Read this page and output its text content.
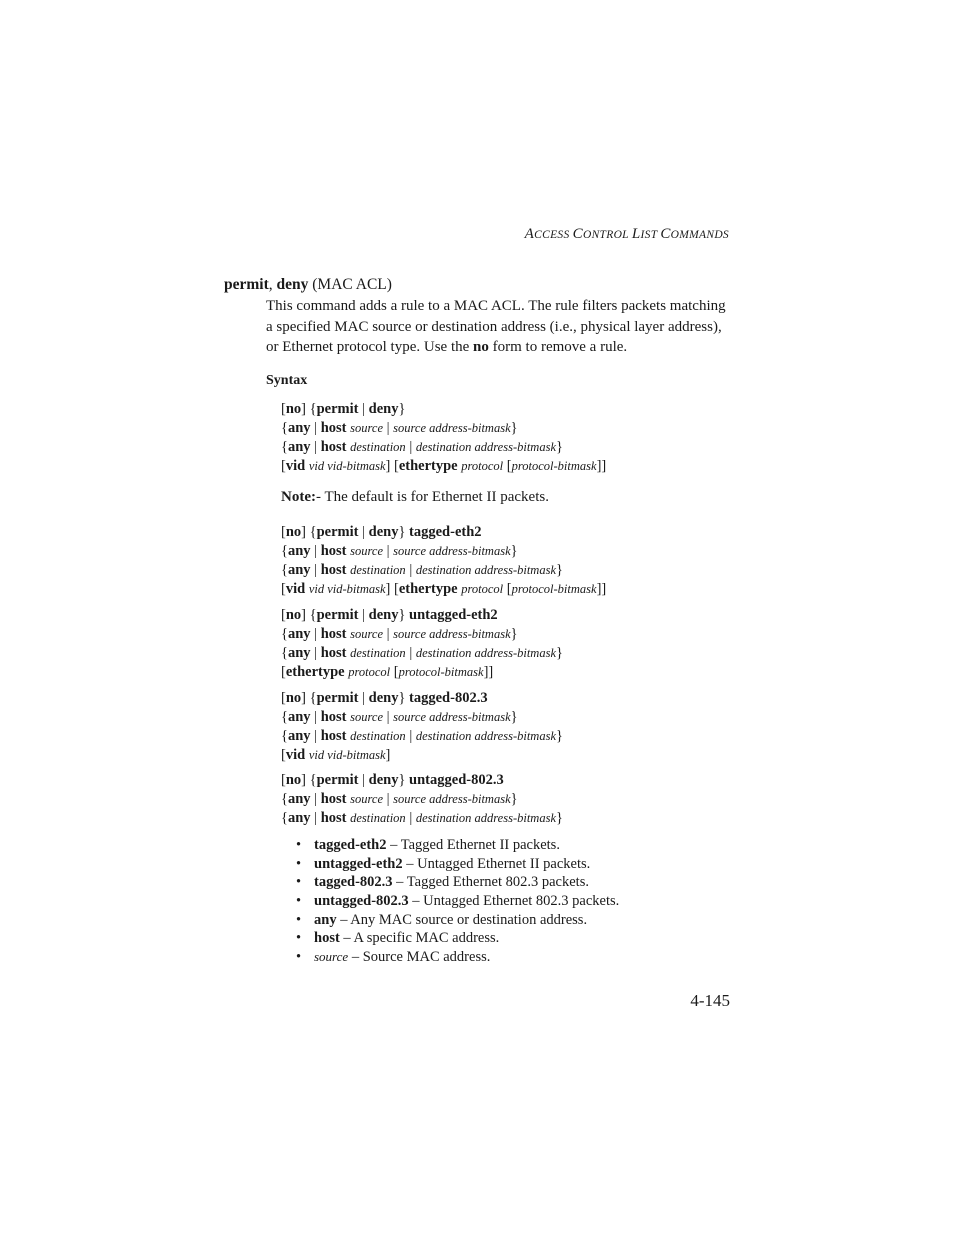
ACCESS CONTROL LIST COMMANDS
permit, deny (MAC ACL)
This command adds a rule to a MAC ACL. The rule filters packets matching a specified MAC source or destination address (i.e., physical layer address), or Ethernet protocol type. Use the no form to remove a rule.
Syntax
[no] {permit | deny}
{any | host source | source address-bitmask}
{any | host destination | destination address-bitmask}
[vid vid vid-bitmask] [ethertype protocol [protocol-bitmask]]
Note:- The default is for Ethernet II packets.
[no] {permit | deny} tagged-eth2
{any | host source | source address-bitmask}
{any | host destination | destination address-bitmask}
[vid vid vid-bitmask] [ethertype protocol [protocol-bitmask]]
[no] {permit | deny} untagged-eth2
{any | host source | source address-bitmask}
{any | host destination | destination address-bitmask}
[ethertype protocol [protocol-bitmask]]
[no] {permit | deny} tagged-802.3
{any | host source | source address-bitmask}
{any | host destination | destination address-bitmask}
[vid vid vid-bitmask]
[no] {permit | deny} untagged-802.3
{any | host source | source address-bitmask}
{any | host destination | destination address-bitmask}
• tagged-eth2 – Tagged Ethernet II packets.
• untagged-eth2 – Untagged Ethernet II packets.
• tagged-802.3 – Tagged Ethernet 802.3 packets.
• untagged-802.3 – Untagged Ethernet 802.3 packets.
• any – Any MAC source or destination address.
• host – A specific MAC address.
• source – Source MAC address.
4-145
